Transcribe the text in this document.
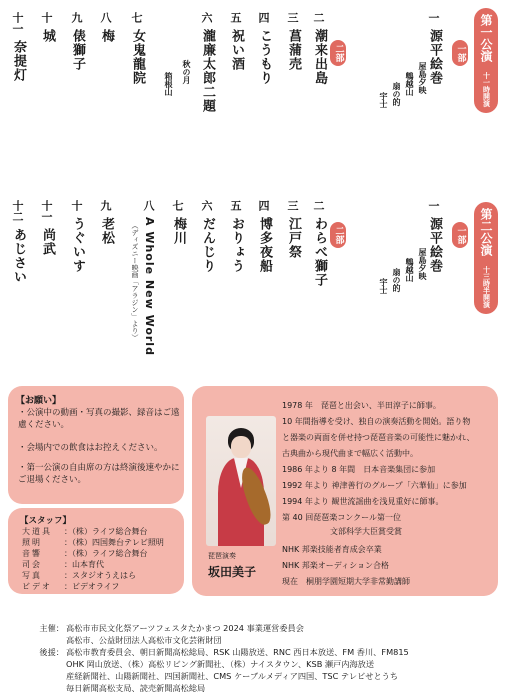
第一公演
十一時開演
一部
二部
一
源平絵巻
屋島夕映
鵯越山
扇の的
宇士
二
潮来出島
三
菖蒲売
四
こうもり
五
祝い酒
六
瀧廉太郎二題
秋の月
箱根山
七
女鬼龍院
八
梅
九
俵獅子
十
城
十一
奈提灯
第二公演
十三時半開演
一部
二部
一
源平絵巻
屋島夕映
鵯越山
扇の的
宇士
二
わらべ獅子
三
江戸祭
四
博多夜船
五
おりょう
六
だんじり
七
梅川
八
A Whole New World
（ディズニー映画「アラジン」より）
九
老松
十
うぐいす
十一
尚武
十二
あじさい
【お願い】
・公演中の動画・写真の撮影、録音はご遠慮ください。
・会場内での飲食はお控えください。
・第一公演の自由席の方は終演後速やかにご退場ください。
【スタッフ】
大道具	：（株）ライフ総合舞台
照明	：（株）四国舞台テレビ照明
音響	：（株）ライフ総合舞台
司会	：山本育代
写真	：スタジオうえはら
ビデオ	：ビデオライフ
琵琶演奏
坂田美子
1978 年　琵琶と出会い、半田淳子に師事。
10 年間指導を受け、独自の演奏活動を開始。語り物
と器楽の両面を併せ持つ琵琶音楽の可能性に魅かれ、
古典曲から現代曲まで幅広く活動中。
1986 年より 8 年間　日本音楽集団に参加
1992 年より 神津善行のグループ「六華仙」に参加
1994 年より 観世流謡曲を浅見重好に師事。
第 40 回琵琶楽コンクール第一位
　　　　　　文部科学大臣賞受賞
NHK 邦楽技能者育成会卒業
NHK 邦楽オーディション合格
現在　桐朋学園短期大学非常勤講師
主催： 高松市市民文化祭アーツフェスタたかまつ 2024 事業運営委員会
高松市、公益財団法人高松市文化芸術財団
後援： 高松市教育委員会、朝日新聞高松総局、RSK 山陽放送、RNC 西日本放送、FM 香川、FM815
OHK 岡山放送、（株）高松リビング新聞社、（株）ナイスタウン、KSB 瀬戸内海放送
産経新聞社、山陽新聞社、四国新聞社、CMS ケーブルメディア四国、TSC テレビせとうち
毎日新聞高松支局、読売新聞高松総局
